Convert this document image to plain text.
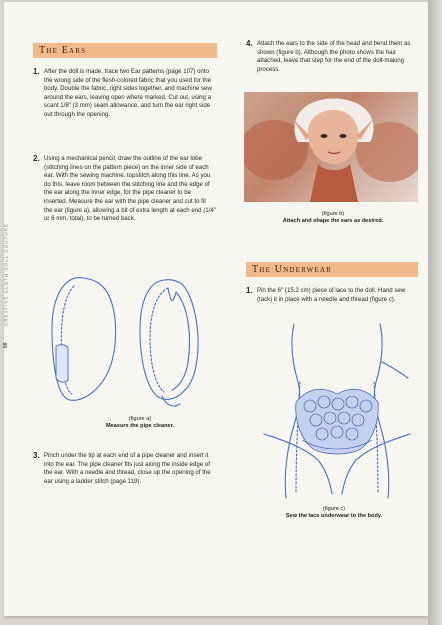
CREATIVE CLOTH DOLL COUTURE
88
The Ears
1. After the doll is made, trace two Ear patterns (page 107) onto the wrong side of the flesh-colored fabric that you used for the body. Double the fabric, right sides together, and machine sew around the ears, leaving open where marked. Cut out, using a scant 1/8" (3 mm) seam allowance, and turn the ear right side out through the opening.
2. Using a mechanical pencil, draw the outline of the ear lobe (stitching lines on the pattern piece) on the inner side of each ear. With the sewing machine, topstitch along this line. As you do this, leave room between the stitching line and the edge of the ear along the inner edge, for the pipe cleaner to be inserted. Measure the ear with the pipe cleaner and cut to fit the ear (figure a), allowing a bit of extra length at each end (1/4" or 6 mm, total), to be turned back.
(figure a)
Measure the pipe cleaner.
3. Pinch under the tip at each end of a pipe cleaner and insert it into the ear. The pipe cleaner fits just along the inside edge of the ear. With a needle and thread, close up the opening of the ear using a ladder stitch (page 119).
4. Attach the ears to the side of the head and bend them as shown (figure b). Although the photo shows the hair attached, leave that step for the end of the doll-making process.
(figure b)
Attach and shape the ears as desired.
The Underwear
1. Pin the 6" (15.2 cm) piece of lace to the doll. Hand sew (tack) it in place with a needle and thread (figure c).
(figure c)
Sew the lace underwear to the body.
